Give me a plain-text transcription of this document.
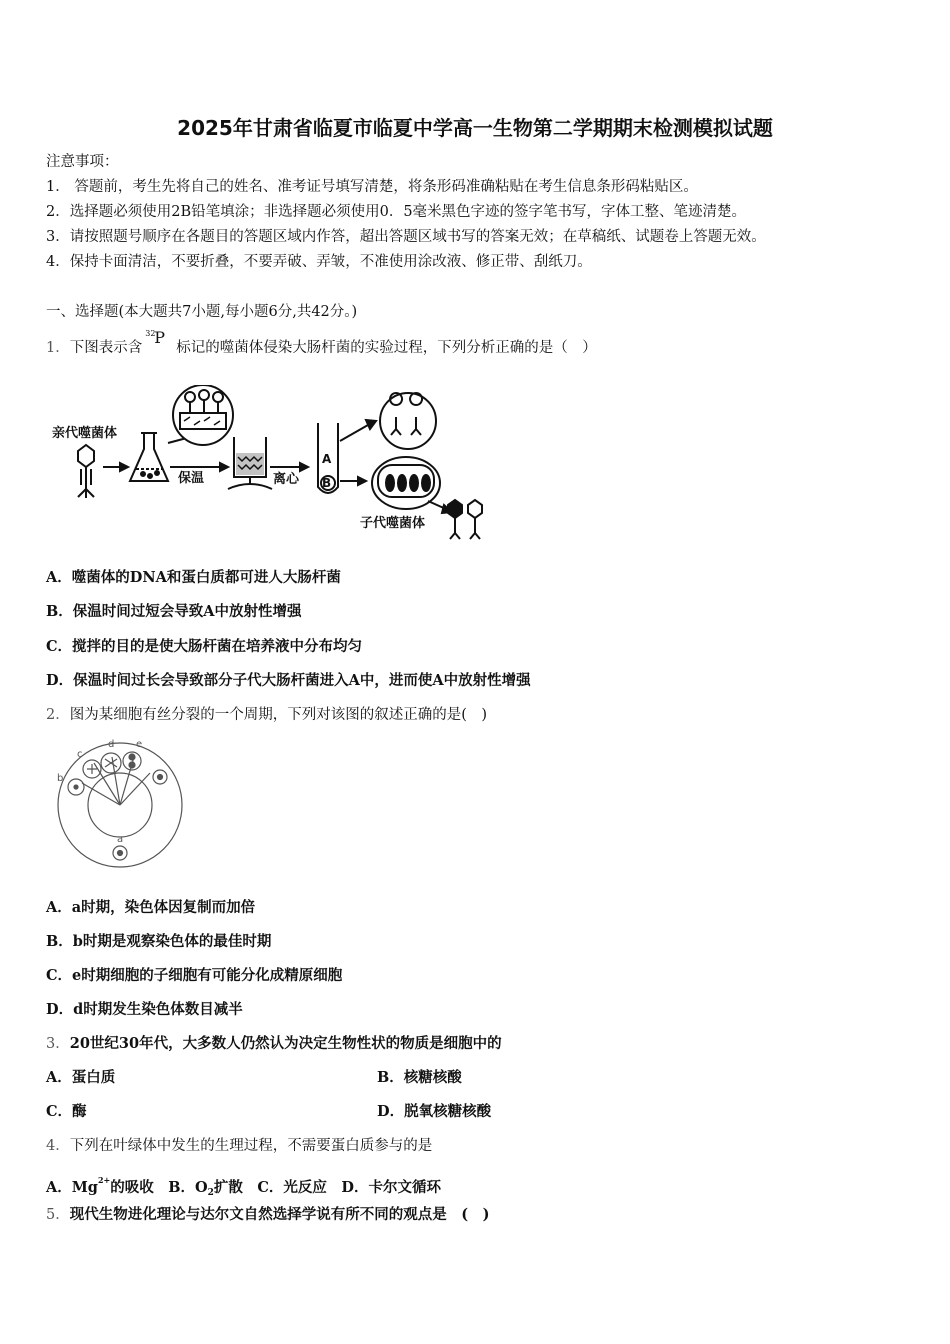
2025年甘肃省临夏市临夏中学高一生物第二学期期末检测模拟试题
注意事项：
1． 答题前，考生先将自己的姓名、准考证号填写清楚，将条形码准确粘贴在考生信息条形码粘贴区。
2．选择题必须使用2B铅笔填涂；非选择题必须使用0．5毫米黑色字迹的签字笔书写，字体工整、笔迹清楚。
3．请按照题号顺序在各题目的答题区域内作答，超出答题区域书写的答案无效；在草稿纸、试题卷上答题无效。
4．保持卡面清洁，不要折叠，不要弄破、弄皱，不准使用涂改液、修正带、刮纸刀。
一、选择题(本大题共7小题,每小题6分,共42分。)
1．下图表示含
32
P
标记的噬菌体侵染大肠杆菌的实验过程，下列分析正确的是（　）
亲代噬菌体
保温	离心
A
B
子代噬菌体
A．噬菌体的DNA和蛋白质都可进人大肠杆菌
B．保温时间过短会导致A中放射性增强
C．搅拌的目的是使大肠杆菌在培养液中分布均匀
D．保温时间过长会导致部分子代大肠杆菌进入A中，进而使A中放射性增强
2．图为某细胞有丝分裂的一个周期，下列对该图的叙述正确的是(　)
b
c
d e
a
A．a时期，染色体因复制而加倍
B．b时期是观察染色体的最佳时期
C．e时期细胞的子细胞有可能分化成精原细胞
D．d时期发生染色体数目减半
3．20世纪30年代，大多数人仍然认为决定生物性状的物质是细胞中的
A．蛋白质	B．核糖核酸
C．酶	D．脱氧核糖核酸
4．下列在叶绿体中发生的生理过程，不需要蛋白质参与的是
A．$Mg^{2+}$的吸收　B．$O_2$扩散　C．光反应　D．卡尔文循环
5．现代生物进化理论与达尔文自然选择学说有所不同的观点是　(　)
